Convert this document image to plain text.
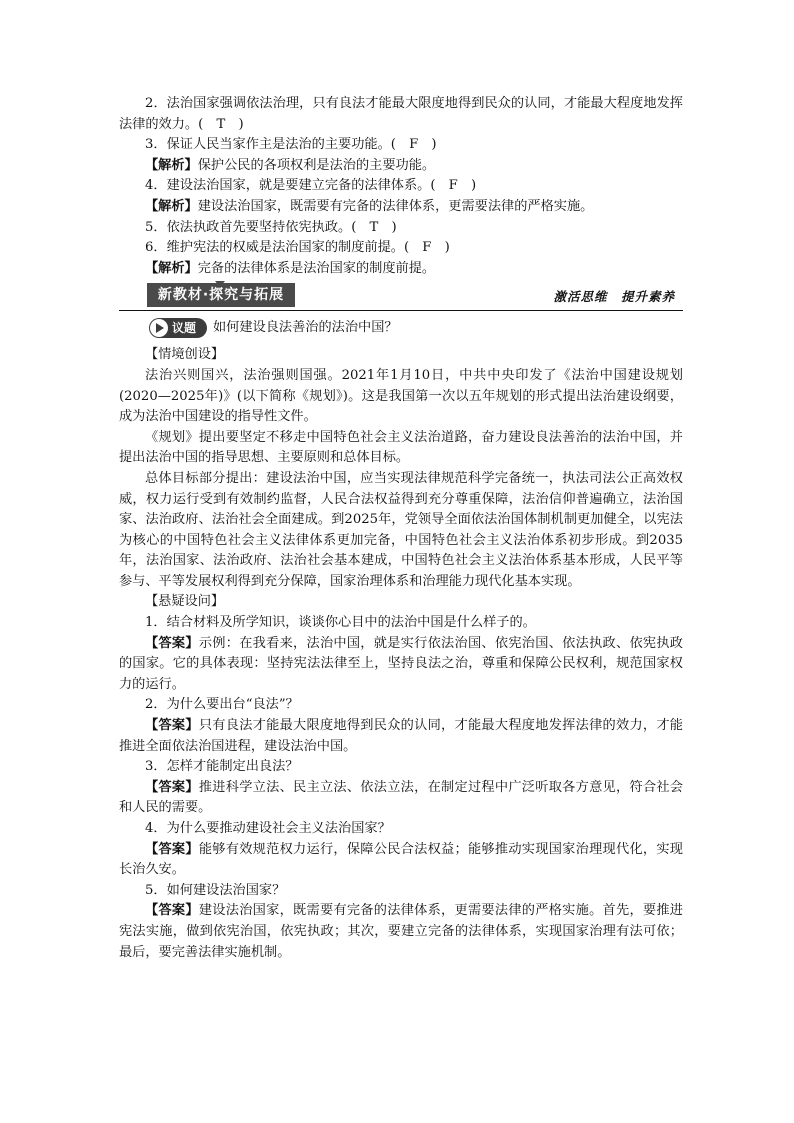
2．法治国家强调依法治理，只有良法才能最大限度地得到民众的认同，才能最大程度地发挥法律的效力。(　T　)

3．保证人民当家作主是法治的主要功能。(　F　)

【解析】保护公民的各项权利是法治的主要功能。

4．建设法治国家，就是要建立完备的法律体系。(　F　)

【解析】建设法治国家，既需要有完备的法律体系，更需要法律的严格实施。

5．依法执政首先要坚持依宪执政。(　T　)

6．维护宪法的权威是法治国家的制度前提。(　F　)

【解析】完备的法律体系是法治国家的制度前提。

新教材·探究与拓展	激活思维　提升素养
议题 如何建设良法善治的法治中国？

【情境创设】

法治兴则国兴，法治强则国强。2021年1月10日，中共中央印发了《法治中国建设规划(2020—2025年)》(以下简称《规划》)。这是我国第一次以五年规划的形式提出法治建设纲要，成为法治中国建设的指导性文件。

《规划》提出要坚定不移走中国特色社会主义法治道路，奋力建设良法善治的法治中国，并提出法治中国的指导思想、主要原则和总体目标。

总体目标部分提出：建设法治中国，应当实现法律规范科学完备统一，执法司法公正高效权威，权力运行受到有效制约监督，人民合法权益得到充分尊重保障，法治信仰普遍确立，法治国家、法治政府、法治社会全面建成。到2025年，党领导全面依法治国体制机制更加健全，以宪法为核心的中国特色社会主义法律体系更加完备，中国特色社会主义法治体系初步形成。到2035年，法治国家、法治政府、法治社会基本建成，中国特色社会主义法治体系基本形成，人民平等参与、平等发展权利得到充分保障，国家治理体系和治理能力现代化基本实现。

【悬疑设问】

1．结合材料及所学知识，谈谈你心目中的法治中国是什么样子的。

【答案】示例：在我看来，法治中国，就是实行依法治国、依宪治国、依法执政、依宪执政的国家。它的具体表现：坚持宪法法律至上，坚持良法之治，尊重和保障公民权利，规范国家权力的运行。

2．为什么要出台“良法”？

【答案】只有良法才能最大限度地得到民众的认同，才能最大程度地发挥法律的效力，才能推进全面依法治国进程，建设法治中国。

3．怎样才能制定出良法？

【答案】推进科学立法、民主立法、依法立法，在制定过程中广泛听取各方意见，符合社会和人民的需要。

4．为什么要推动建设社会主义法治国家？

【答案】能够有效规范权力运行，保障公民合法权益；能够推动实现国家治理现代化，实现长治久安。

5．如何建设法治国家？

【答案】建设法治国家，既需要有完备的法律体系，更需要法律的严格实施。首先，要推进宪法实施，做到依宪治国，依宪执政；其次，要建立完备的法律体系，实现国家治理有法可依；最后，要完善法律实施机制。
